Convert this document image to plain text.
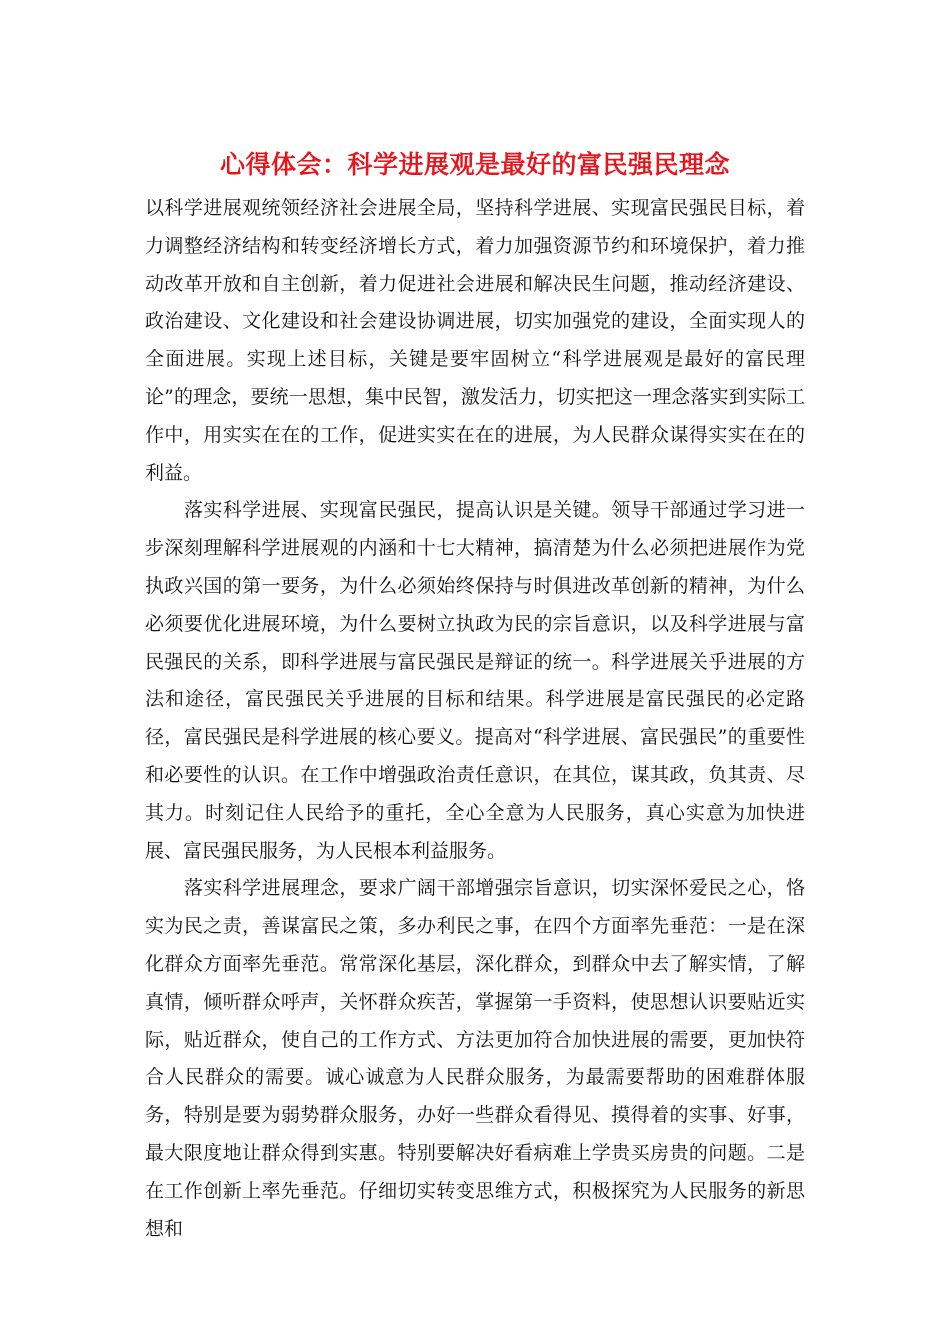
心得体会：科学进展观是最好的富民强民理念

以科学进展观统领经济社会进展全局，坚持科学进展、实现富民强民目标，着力调整经济结构和转变经济增长方式，着力加强资源节约和环境保护，着力推动改革开放和自主创新，着力促进社会进展和解决民生问题，推动经济建设、政治建设、文化建设和社会建设协调进展，切实加强党的建设，全面实现人的全面进展。实现上述目标，关键是要牢固树立“科学进展观是最好的富民理论”的理念，要统一思想，集中民智，激发活力，切实把这一理念落实到实际工作中，用实实在在的工作，促进实实在在的进展，为人民群众谋得实实在在的利益。

落实科学进展、实现富民强民，提高认识是关键。领导干部通过学习进一步深刻理解科学进展观的内涵和十七大精神，搞清楚为什么必须把进展作为党执政兴国的第一要务，为什么必须始终保持与时俱进改革创新的精神，为什么必须要优化进展环境，为什么要树立执政为民的宗旨意识，以及科学进展与富民强民的关系，即科学进展与富民强民是辩证的统一。科学进展关乎进展的方法和途径，富民强民关乎进展的目标和结果。科学进展是富民强民的必定路径，富民强民是科学进展的核心要义。提高对“科学进展、富民强民”的重要性和必要性的认识。在工作中增强政治责任意识，在其位，谋其政，负其责、尽其力。时刻记住人民给予的重托，全心全意为人民服务，真心实意为加快进展、富民强民服务，为人民根本利益服务。

落实科学进展理念，要求广阔干部增强宗旨意识，切实深怀爱民之心，恪实为民之责，善谋富民之策，多办利民之事，在四个方面率先垂范：一是在深化群众方面率先垂范。常常深化基层，深化群众，到群众中去了解实情，了解真情，倾听群众呼声，关怀群众疾苦，掌握第一手资料，使思想认识要贴近实际，贴近群众，使自己的工作方式、方法更加符合加快进展的需要，更加快符合人民群众的需要。诚心诚意为人民群众服务，为最需要帮助的困难群体服务，特别是要为弱势群众服务，办好一些群众看得见、摸得着的实事、好事，最大限度地让群众得到实惠。特别要解决好看病难上学贵买房贵的问题。二是在工作创新上率先垂范。仔细切实转变思维方式，积极探究为人民服务的新思想和
